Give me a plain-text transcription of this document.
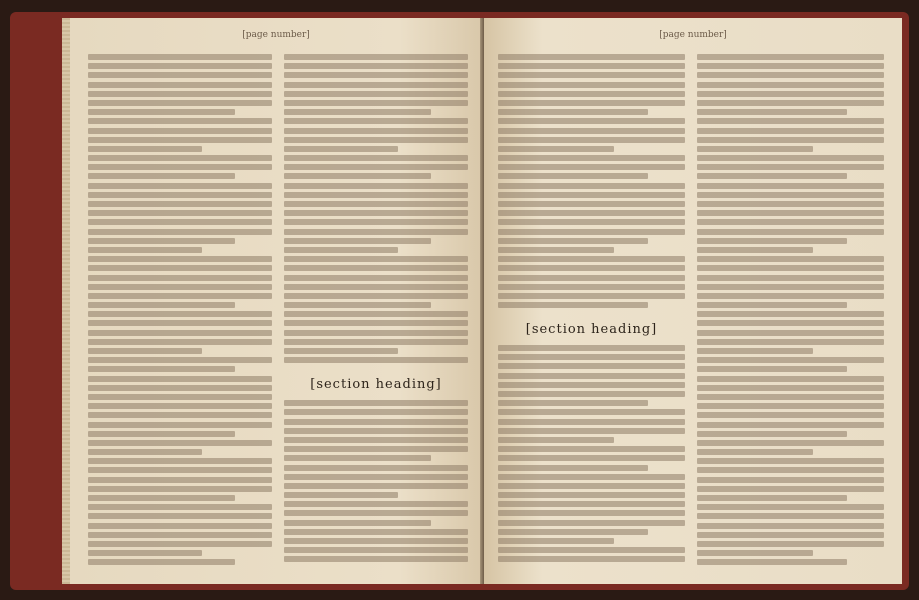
[page number]
[section heading]
[page number]
[section heading]
